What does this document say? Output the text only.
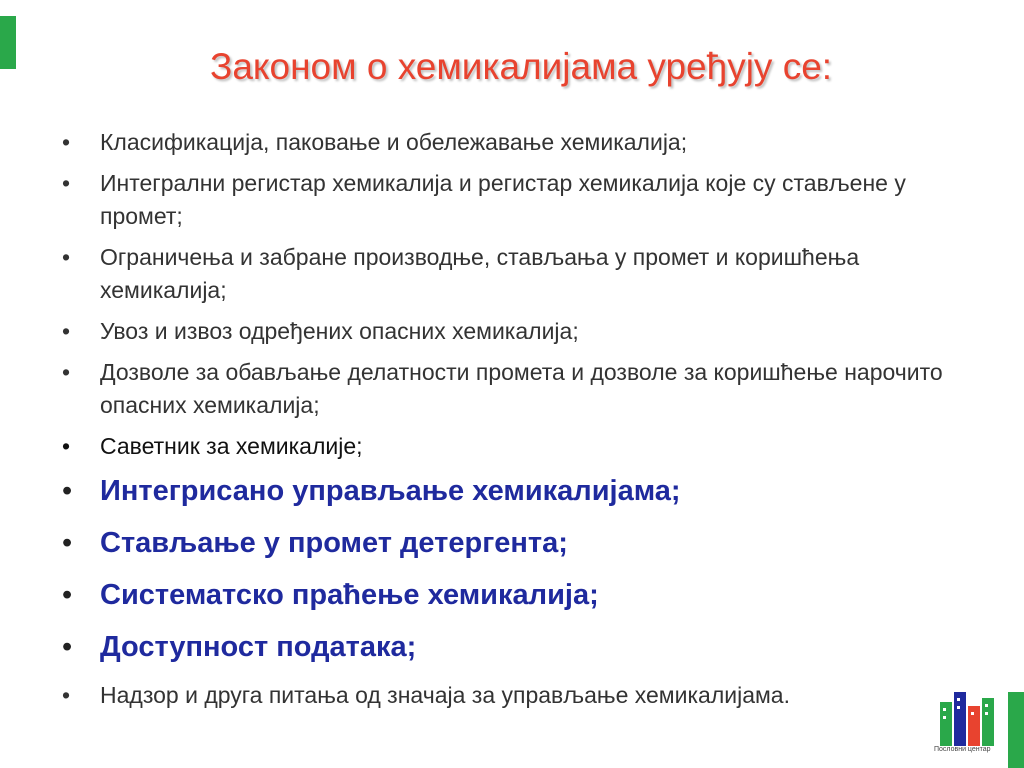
Законом о хемикалијама уређују се:
• Класификација, паковање и обележавање хемикалија;
• Интегрални регистар хемикалија и регистар хемикалија које су стављене у промет;
• Ограничења и забране производње, стављања у промет и коришћења хемикалија;
• Увоз и извоз одређених опасних хемикалија;
• Дозволе за обављање делатности промета и дозволе за коришћење нарочито опасних хемикалија;
• Саветник за хемикалије;
• Интегрисано управљање хемикалијама;
• Стављање у промет детергента;
• Систематско праћење хемикалија;
• Доступност података;
• Надзор и друга питања од значаја за управљање хемикалијама.
Пословни центар
